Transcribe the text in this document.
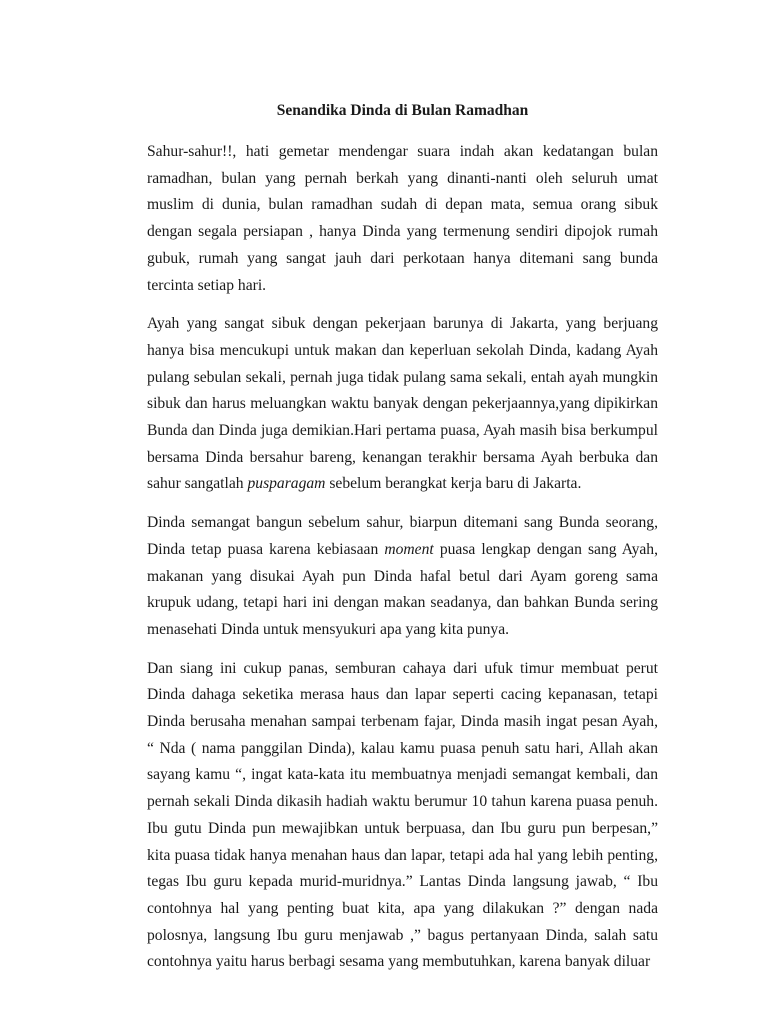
Senandika Dinda di Bulan Ramadhan

Sahur-sahur!!, hati gemetar mendengar suara indah akan kedatangan bulan ramadhan, bulan yang pernah berkah yang dinanti-nanti oleh seluruh umat muslim di dunia, bulan ramadhan sudah di depan mata, semua orang sibuk dengan segala persiapan , hanya Dinda yang termenung sendiri dipojok rumah gubuk, rumah yang sangat jauh dari perkotaan hanya ditemani sang bunda tercinta setiap hari.

Ayah yang sangat sibuk dengan pekerjaan barunya di Jakarta, yang berjuang hanya bisa mencukupi untuk makan dan keperluan sekolah Dinda, kadang Ayah pulang sebulan sekali, pernah juga tidak pulang sama sekali, entah ayah mungkin sibuk dan harus meluangkan waktu banyak dengan pekerjaannya,yang dipikirkan Bunda dan Dinda juga demikian.Hari pertama puasa, Ayah masih bisa berkumpul bersama Dinda bersahur bareng, kenangan terakhir bersama Ayah berbuka dan sahur sangatlah pusparagam sebelum berangkat kerja baru di Jakarta.

Dinda semangat bangun sebelum sahur, biarpun ditemani sang Bunda seorang, Dinda tetap puasa karena kebiasaan moment puasa lengkap dengan sang Ayah, makanan yang disukai Ayah pun Dinda hafal betul dari Ayam goreng sama krupuk udang, tetapi hari ini dengan makan seadanya, dan bahkan Bunda sering menasehati Dinda untuk mensyukuri apa yang kita punya.

Dan siang ini cukup panas, semburan cahaya dari ufuk timur membuat perut Dinda dahaga seketika merasa haus dan lapar seperti cacing kepanasan, tetapi Dinda berusaha menahan sampai terbenam fajar, Dinda masih ingat pesan Ayah, “ Nda ( nama panggilan Dinda), kalau kamu puasa penuh satu hari, Allah akan sayang kamu “, ingat kata-kata itu membuatnya menjadi semangat kembali, dan pernah sekali Dinda dikasih hadiah waktu berumur 10 tahun karena puasa penuh. Ibu gutu Dinda pun mewajibkan untuk berpuasa, dan Ibu guru pun berpesan,” kita puasa tidak hanya menahan haus dan lapar, tetapi ada hal yang lebih penting, tegas Ibu guru kepada murid-muridnya.” Lantas Dinda langsung jawab, “ Ibu contohnya hal yang penting buat kita, apa yang dilakukan ?” dengan nada polosnya, langsung Ibu guru menjawab ,” bagus pertanyaan Dinda, salah satu contohnya yaitu harus berbagi sesama yang membutuhkan, karena banyak diluar
